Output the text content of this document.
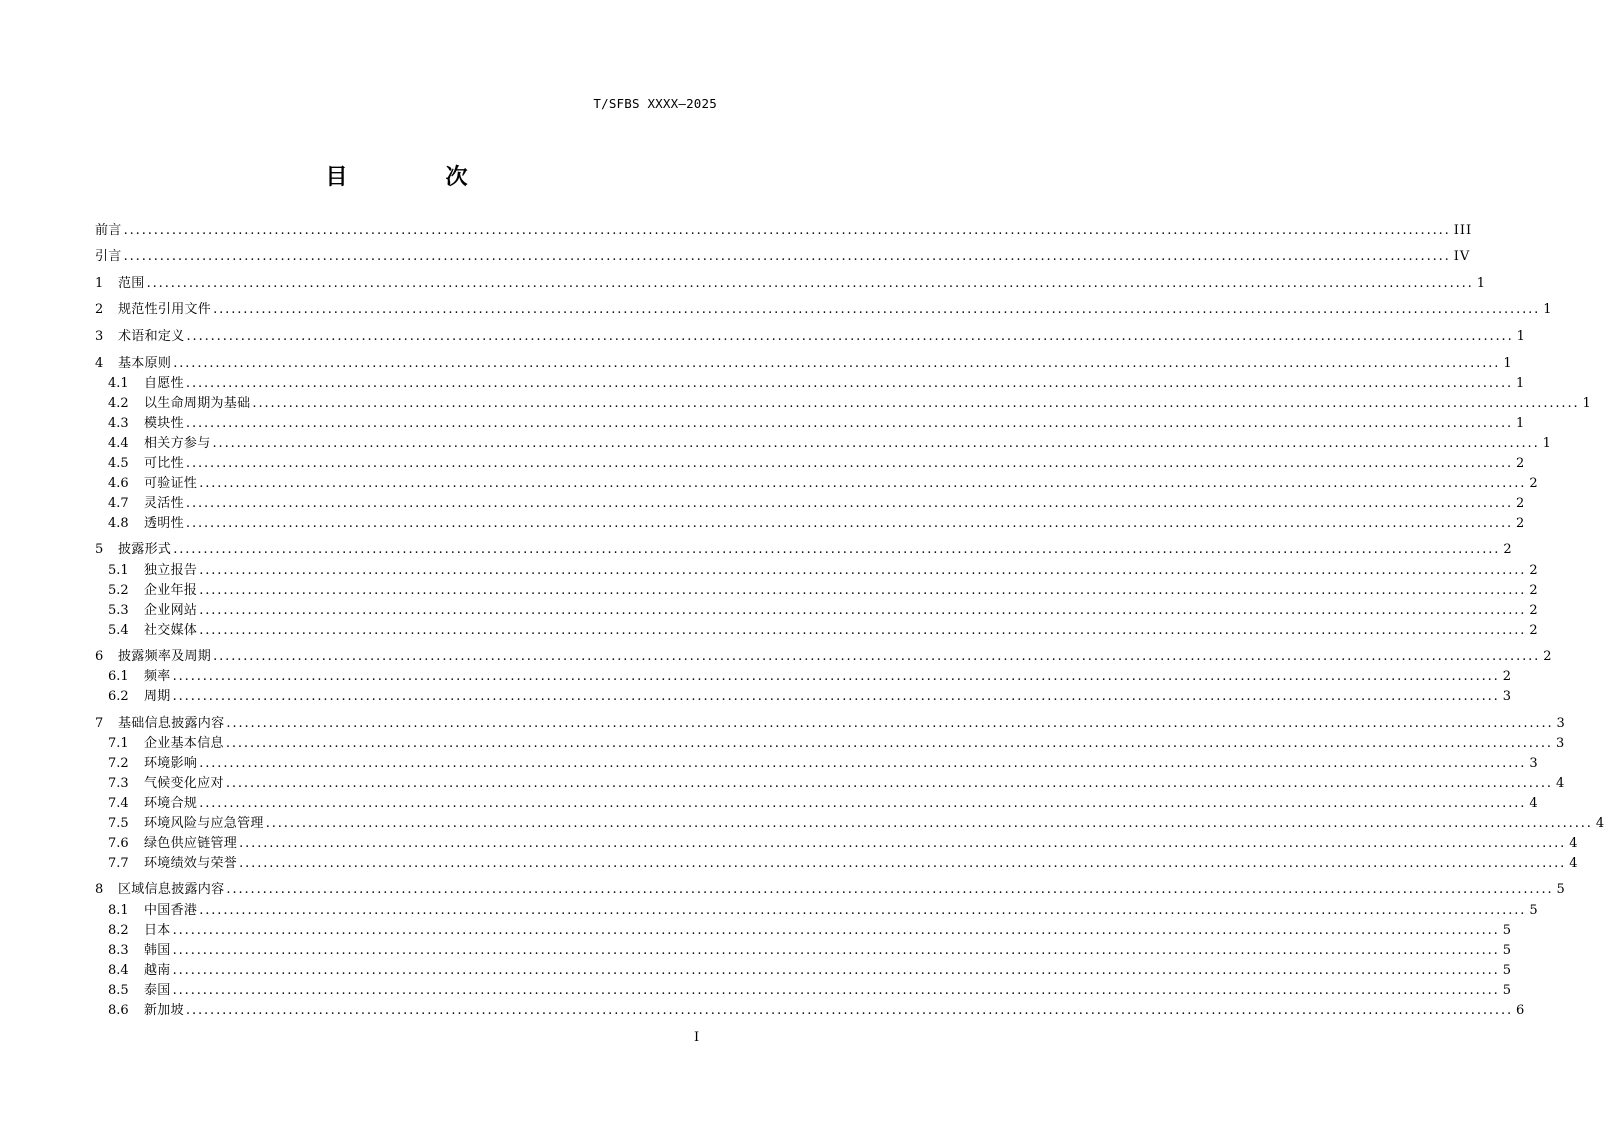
T/SFBS XXXX—2025
目　次
前言 ............................................................................................................................................................................................................................ III
引言 ............................................................................................................................................................................................................................ IV
1	范围 ............................................................................................................................................................................................................................ 1
2	规范性引用文件 ............................................................................................................................................................................................................................ 1
3	术语和定义 ............................................................................................................................................................................................................................ 1
4	基本原则 ............................................................................................................................................................................................................................ 1
4.1	自愿性 ............................................................................................................................................................................................................................ 1
4.2	以生命周期为基础 ............................................................................................................................................................................................................................ 1
4.3	模块性 ............................................................................................................................................................................................................................ 1
4.4	相关方参与 ............................................................................................................................................................................................................................ 1
4.5	可比性 ............................................................................................................................................................................................................................ 2
4.6	可验证性 ............................................................................................................................................................................................................................ 2
4.7	灵活性 ............................................................................................................................................................................................................................ 2
4.8	透明性 ............................................................................................................................................................................................................................ 2
5	披露形式 ............................................................................................................................................................................................................................ 2
5.1	独立报告 ............................................................................................................................................................................................................................ 2
5.2	企业年报 ............................................................................................................................................................................................................................ 2
5.3	企业网站 ............................................................................................................................................................................................................................ 2
5.4	社交媒体 ............................................................................................................................................................................................................................ 2
6	披露频率及周期 ............................................................................................................................................................................................................................ 2
6.1	频率 ............................................................................................................................................................................................................................ 2
6.2	周期 ............................................................................................................................................................................................................................ 3
7	基础信息披露内容 ............................................................................................................................................................................................................................ 3
7.1	企业基本信息 ............................................................................................................................................................................................................................ 3
7.2	环境影响 ............................................................................................................................................................................................................................ 3
7.3	气候变化应对 ............................................................................................................................................................................................................................ 4
7.4	环境合规 ............................................................................................................................................................................................................................ 4
7.5	环境风险与应急管理 ............................................................................................................................................................................................................................ 4
7.6	绿色供应链管理 ............................................................................................................................................................................................................................ 4
7.7	环境绩效与荣誉 ............................................................................................................................................................................................................................ 4
8	区域信息披露内容 ............................................................................................................................................................................................................................ 5
8.1	中国香港 ............................................................................................................................................................................................................................ 5
8.2	日本 ............................................................................................................................................................................................................................ 5
8.3	韩国 ............................................................................................................................................................................................................................ 5
8.4	越南 ............................................................................................................................................................................................................................ 5
8.5	泰国 ............................................................................................................................................................................................................................ 5
8.6	新加坡 ............................................................................................................................................................................................................................ 6
I
